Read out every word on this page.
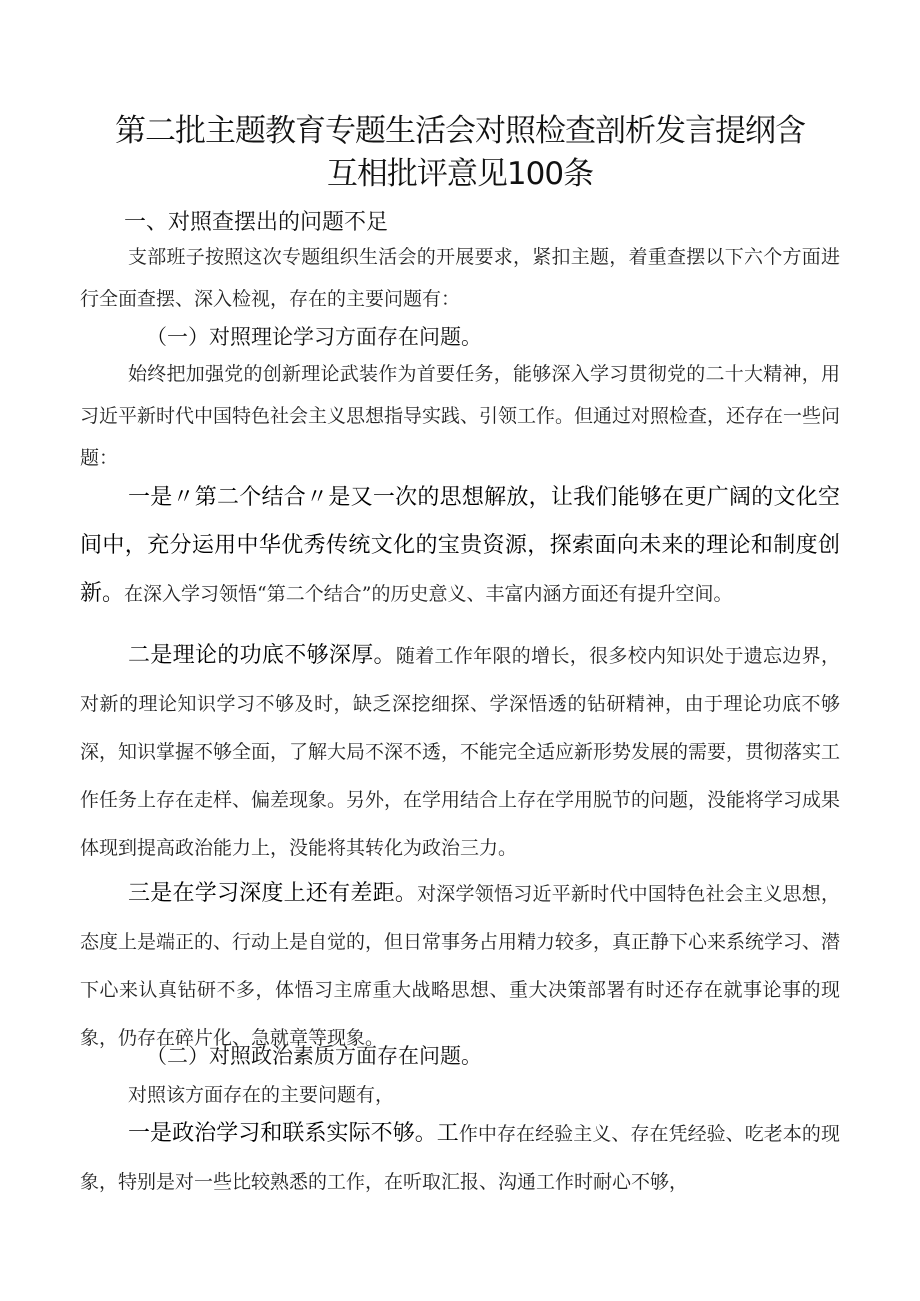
第二批主题教育专题生活会对照检查剖析发言提纲含
互相批评意见100条
一、对照查摆出的问题不足

支部班子按照这次专题组织生活会的开展要求，紧扣主题，着重查摆以下六个方面进行全面查摆、深入检视，存在的主要问题有：

（一）对照理论学习方面存在问题。

始终把加强党的创新理论武装作为首要任务，能够深入学习贯彻党的二十大精神，用习近平新时代中国特色社会主义思想指导实践、引领工作。但通过对照检查，还存在一些问题：

一是〃第二个结合〃是又一次的思想解放，让我们能够在更广阔的文化空间中，充分运用中华优秀传统文化的宝贵资源，探索面向未来的理论和制度创新。在深入学习领悟“第二个结合”的历史意义、丰富内涵方面还有提升空间。

二是理论的功底不够深厚。随着工作年限的增长，很多校内知识处于遗忘边界，对新的理论知识学习不够及时，缺乏深挖细探、学深悟透的钻研精神，由于理论功底不够深，知识掌握不够全面，了解大局不深不透，不能完全适应新形势发展的需要，贯彻落实工作任务上存在走样、偏差现象。另外，在学用结合上存在学用脱节的问题，没能将学习成果体现到提高政治能力上，没能将其转化为政治三力。

三是在学习深度上还有差距。对深学领悟习近平新时代中国特色社会主义思想，态度上是端正的、行动上是自觉的，但日常事务占用精力较多，真正静下心来系统学习、潜下心来认真钻研不多，体悟习主席重大战略思想、重大决策部署有时还存在就事论事的现象，仍存在碎片化、急就章等现象。

（二）对照政治素质方面存在问题。

对照该方面存在的主要问题有，

一是政治学习和联系实际不够。工作中存在经验主义、存在凭经验、吃老本的现象，特别是对一些比较熟悉的工作，在听取汇报、沟通工作时耐心不够，
